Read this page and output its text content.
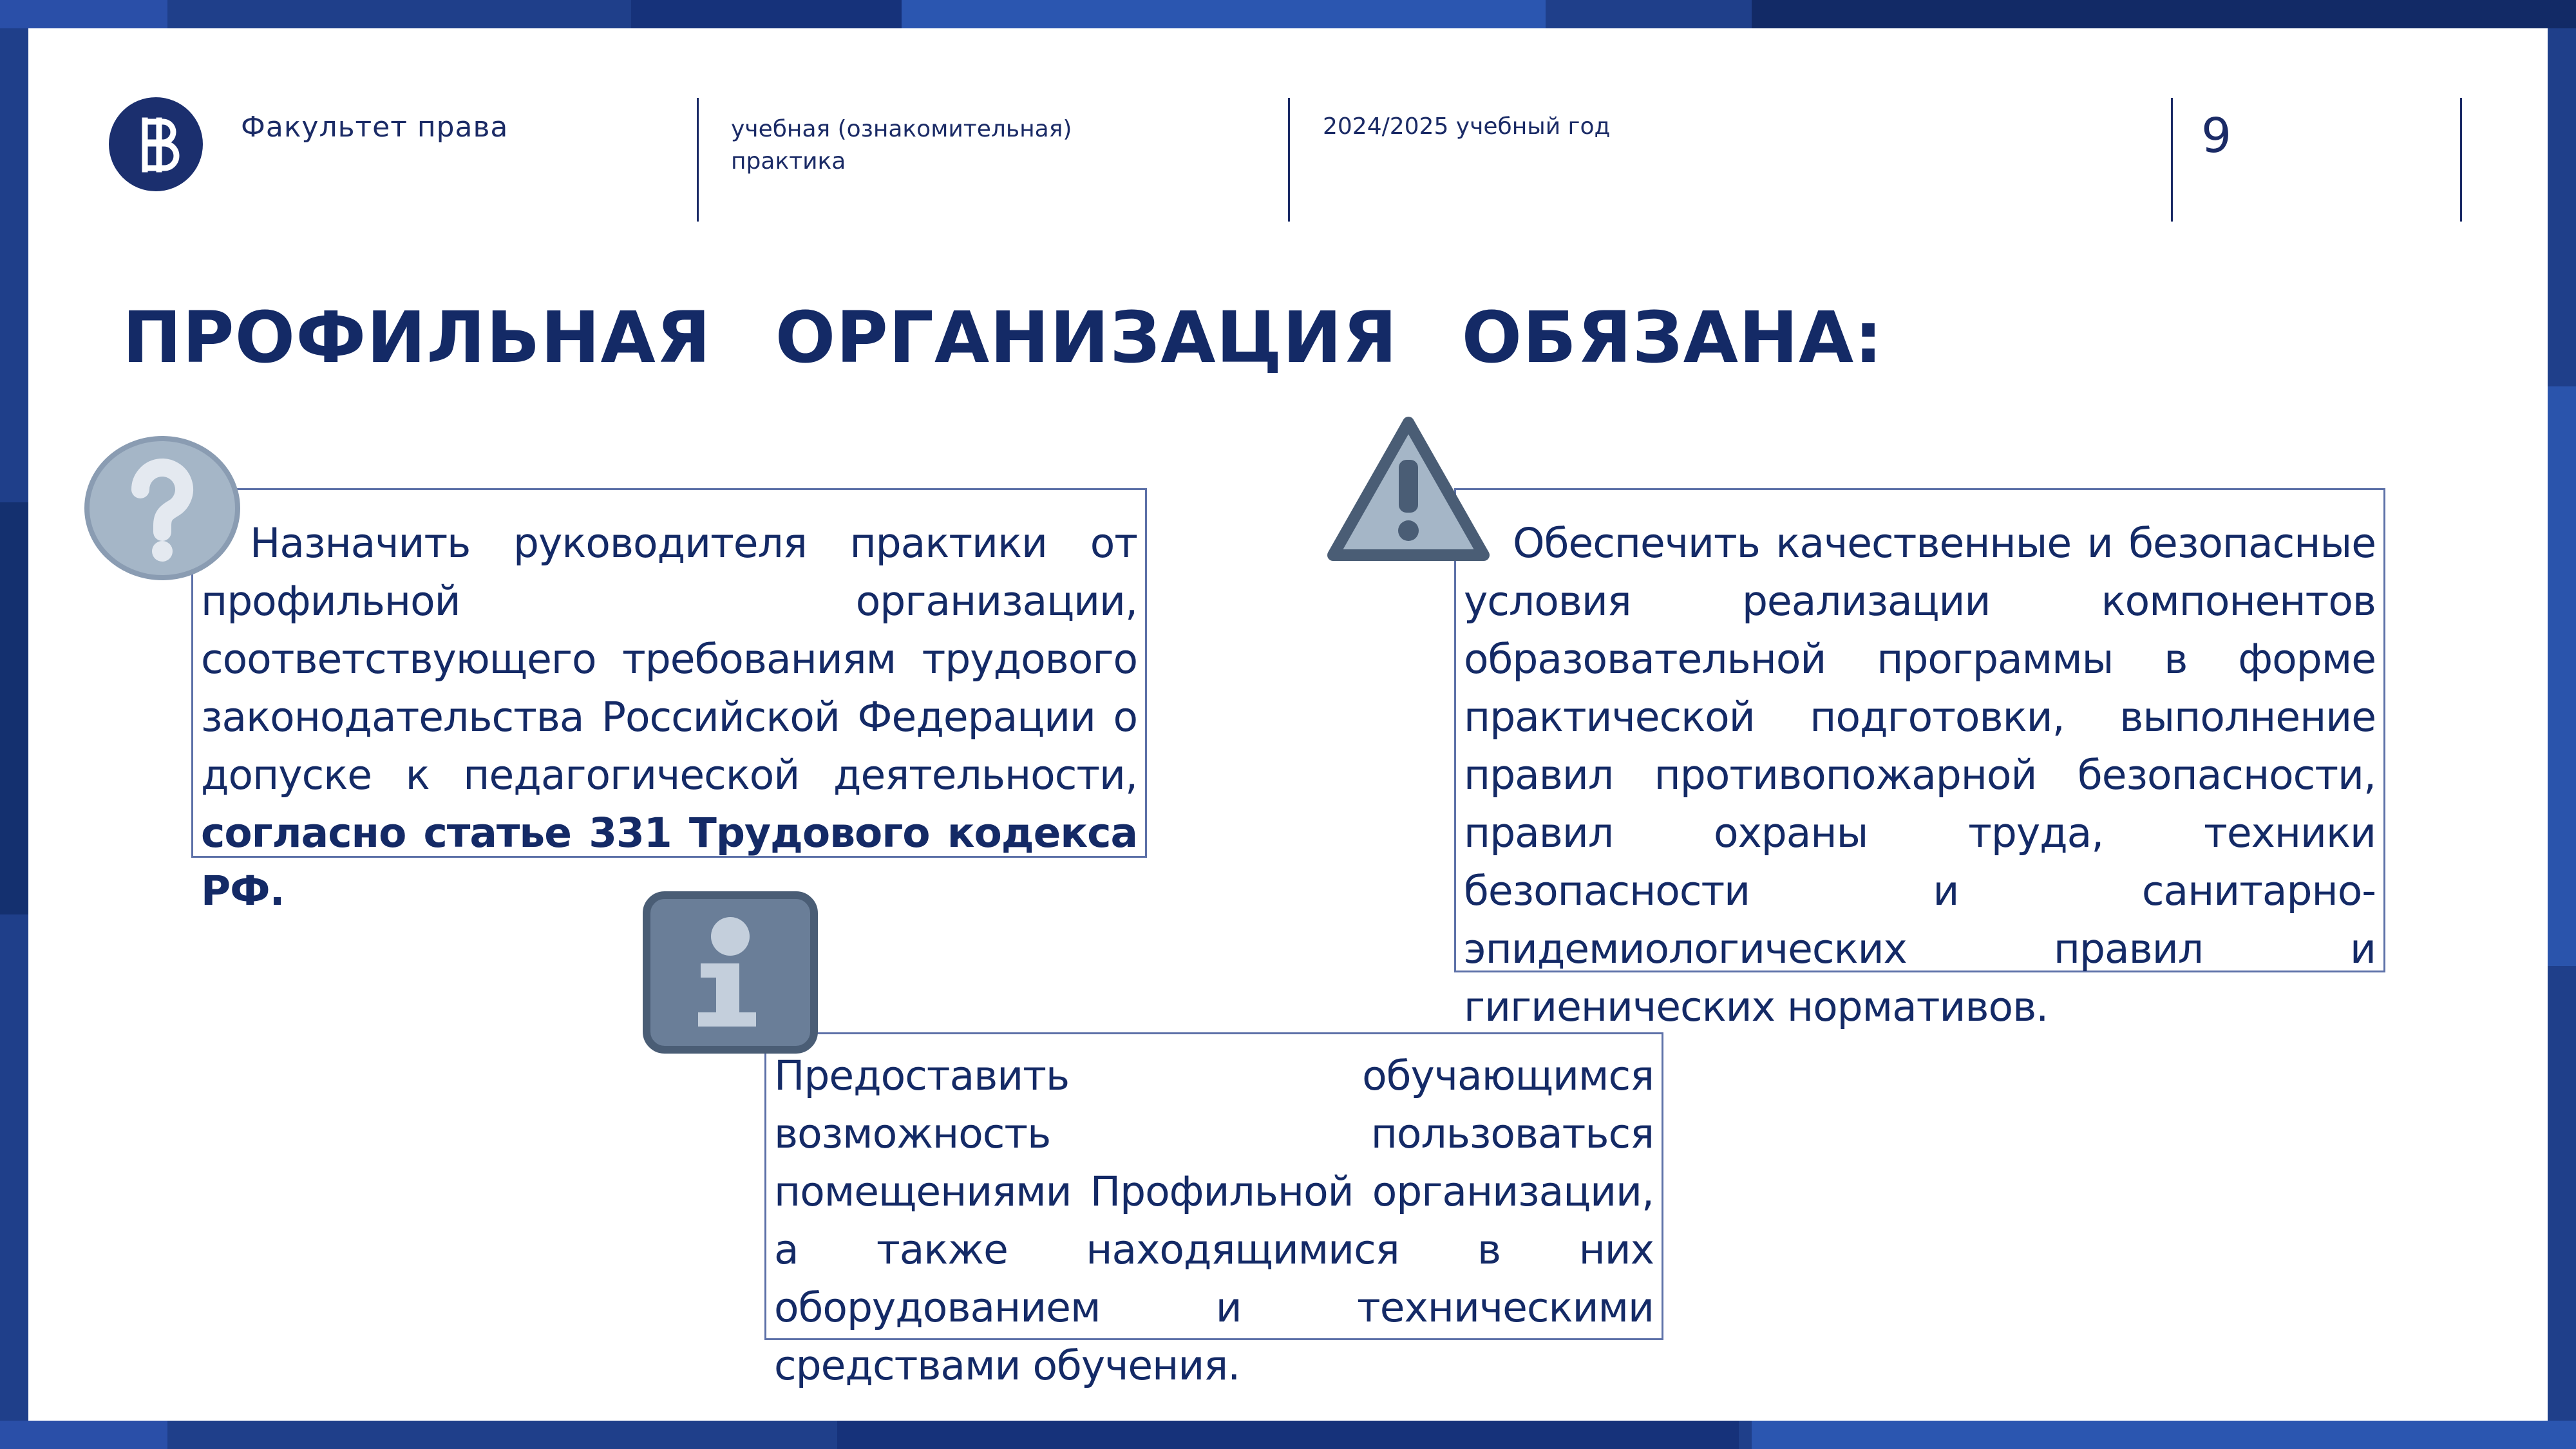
Факультет права	учебная (ознакомительная) практика
2024/2025 учебный год	9
ПРОФИЛЬНАЯ ОРГАНИЗАЦИЯ ОБЯЗАНА:
Назначить руководителя практики от профильной организации, соответствующего требованиям трудового законодательства Российской Федерации о допуске к педагогической деятельности, согласно статье 331 Трудового кодекса РФ.
Обеспечить качественные и безопасные условия реализации компонентов образовательной программы в форме практической подготовки, выполнение правил противопожарной безопасности, правил охраны труда, техники безопасности и санитарно-эпидемиологических правил и гигиенических нормативов.
Предоставить обучающимся возможность пользоваться помещениями Профильной организации, а также находящимися в них оборудованием и техническими средствами обучения.
